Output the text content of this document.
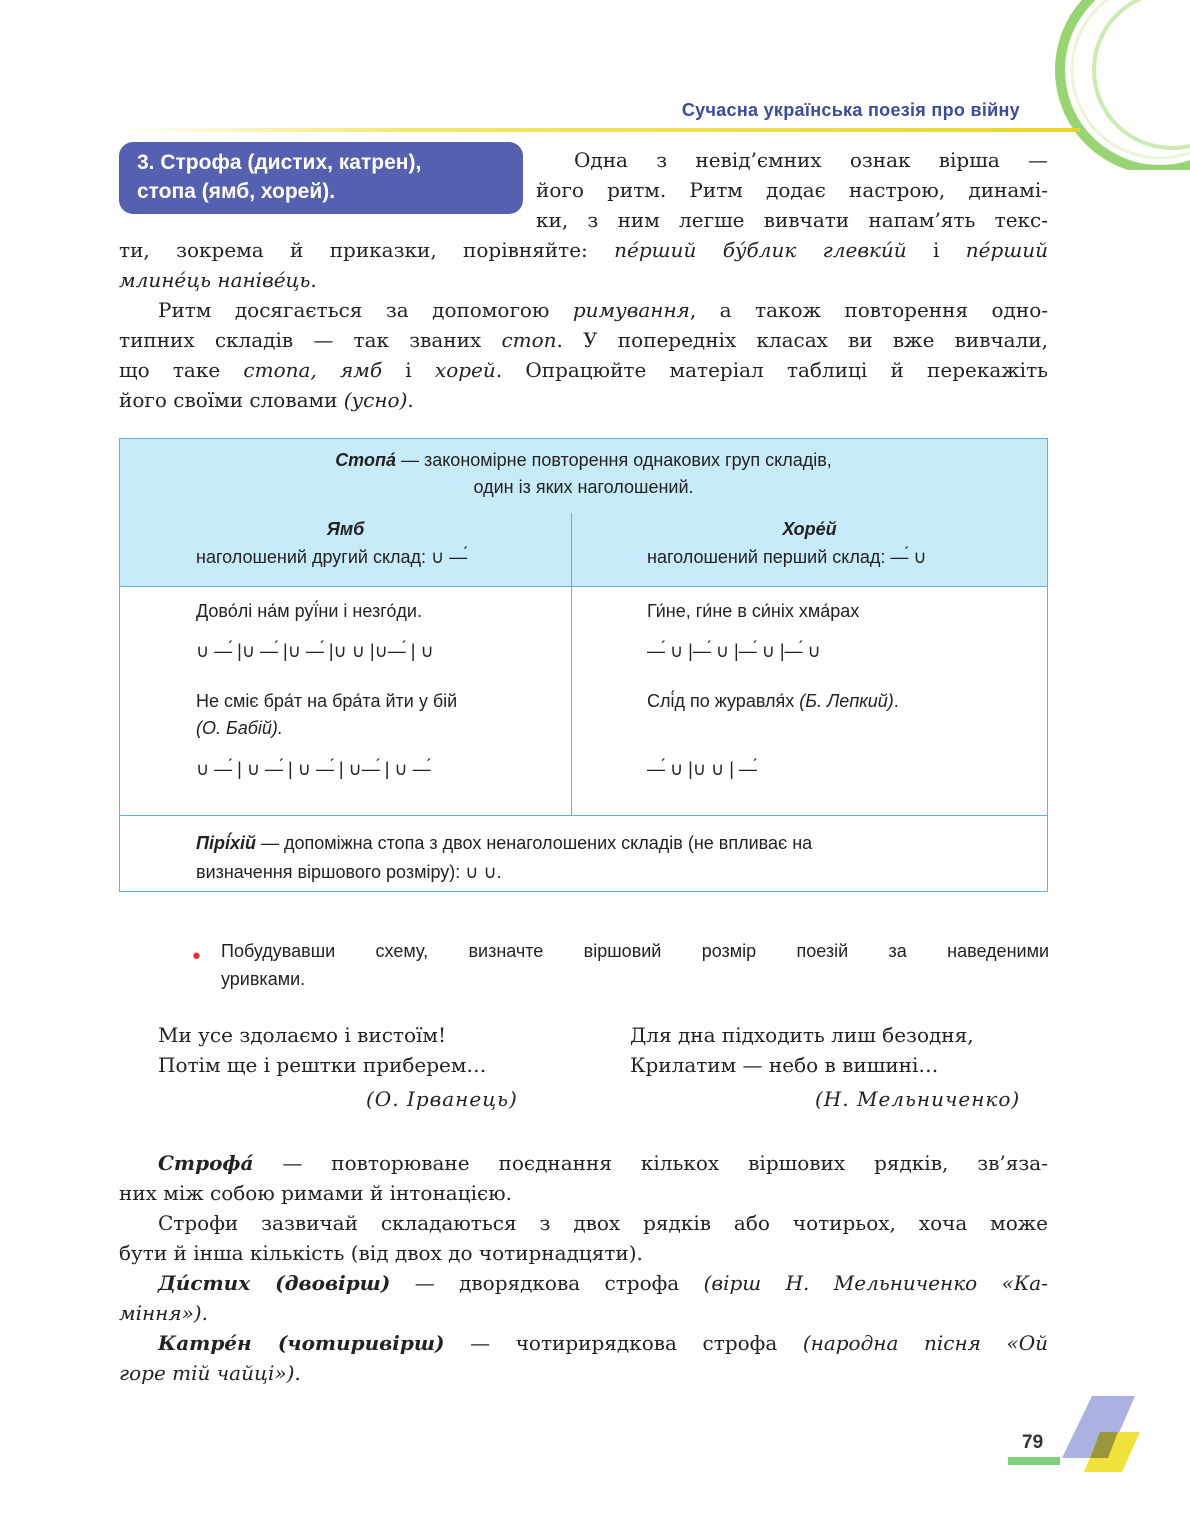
Сучасна українська поезія про війну
3. Строфа (дистих, катрен),
стопа (ямб, хорей).
Одна з невід’ємних ознак вірша —
його ритм. Ритм додає настрою, динамі-
ки, з ним легше вивчати напам’ять текс-
ти, зокрема й приказки, порівняйте: пе́рший бу́блик глевки́й і пе́рший
млине́ць наніве́ць.
Ритм досягається за допомогою римування, а також повторення одно-
типних складів — так званих стоп. У попередніх класах ви вже вивчали,
що таке стопа, ямб і хорей. Опрацюйте матеріал таблиці й перекажіть
його своїми словами (усно).
Стопа́ — закономірне повторення однакових груп складів,
один із яких наголошений.
Ямб
наголошений другий склад: ∪ —́
Хоре́й
наголошений перший склад: —́ ∪
Дово́лі на́м руї́ни і незго́ди.
∪ —́ |∪ —́ |∪ —́ |∪ ∪ |∪—́ | ∪
Не сміє бра́т на бра́та йти у бій
(О. Бабій).
∪ —́ | ∪ —́ | ∪ —́ | ∪—́ | ∪ —́
Ги́не, ги́не в си́ніх хма́рах
—́ ∪ |—́ ∪ |—́ ∪ |—́ ∪
Слі́д по журавля́х (Б. Лепкий).
—́ ∪ |∪ ∪ | —́
Пірі́хій — допоміжна стопа з двох ненаголошених складів (не впливає на
визначення віршового розміру): ∪ ∪.
• Побудувавши схему, визначте віршовий розмір поезій за наведеними
уривками.
Ми усе здолаємо і вистоїм!
Потім ще і рештки приберем…
(О. Ірванець)
Для дна підходить лиш безодня,
Крилатим — небо в вишині…
(Н. Мельниченко)
Строфа́ — повторюване поєднання кількох віршових рядків, зв’яза-
них між собою римами й інтонацією.
Строфи зазвичай складаються з двох рядків або чотирьох, хоча може
бути й інша кількість (від двох до чотирнадцяти).
Ди́стих (двовірш) — дворядкова строфа (вірш Н. Мельниченко «Ка-
міння»).
Катре́н (чотиривірш) — чотирирядкова строфа (народна пісня «Ой
горе тій чайці»).
79
